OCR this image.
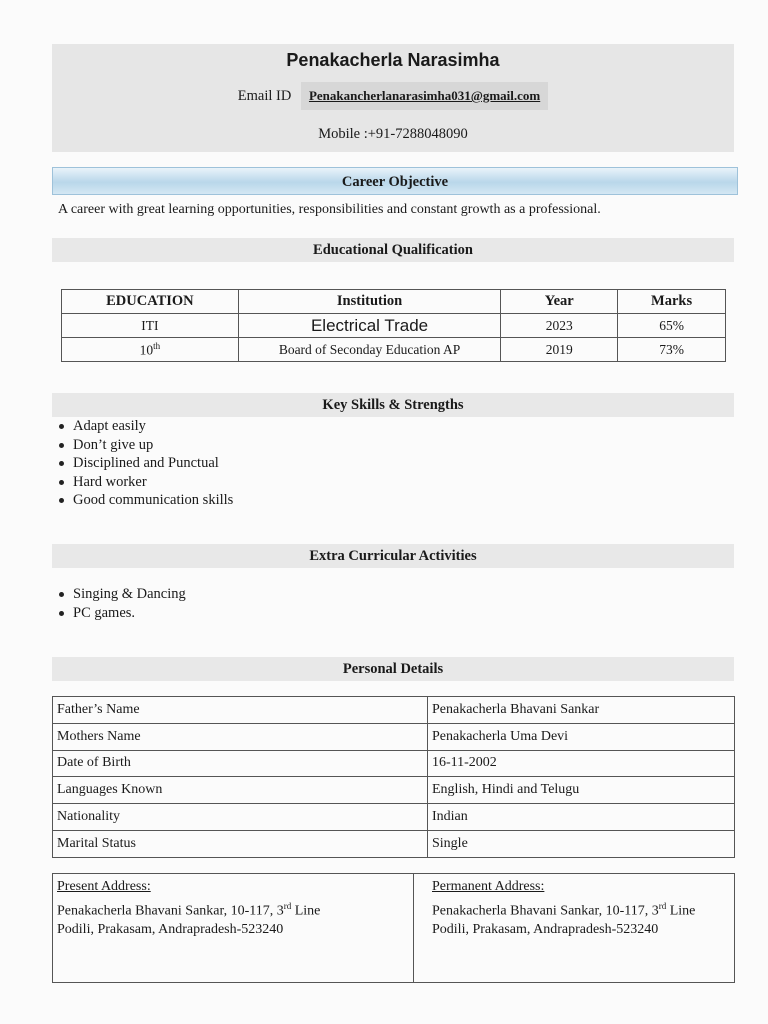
Penakacherla Narasimha
Email ID Penakancherlanarasimha031@gmail.com
Mobile :+91-7288048090
Career Objective
A career with great learning opportunities, responsibilities and constant growth as a professional.
Educational Qualification
EDUCATION	Institution	Year	Marks
ITI	Electrical Trade	2023	65%
10th	Board of Seconday Education AP	2019	73%
Key Skills & Strengths
Adapt easily
Don’t give up
Disciplined and Punctual
Hard worker
Good communication skills
Extra Curricular Activities
Singing & Dancing
PC games.
Personal Details
Father’s Name	Penakacherla Bhavani Sankar
Mothers Name	Penakacherla Uma Devi
Date of Birth	16-11-2002
Languages Known	English, Hindi and Telugu
Nationality	Indian
Marital Status	Single
Present Address:
Penakacherla Bhavani Sankar, 10-117, 3rd Line
Podili, Prakasam, Andrapradesh-523240
Permanent Address:
Penakacherla Bhavani Sankar, 10-117, 3rd Line
Podili, Prakasam, Andrapradesh-523240
